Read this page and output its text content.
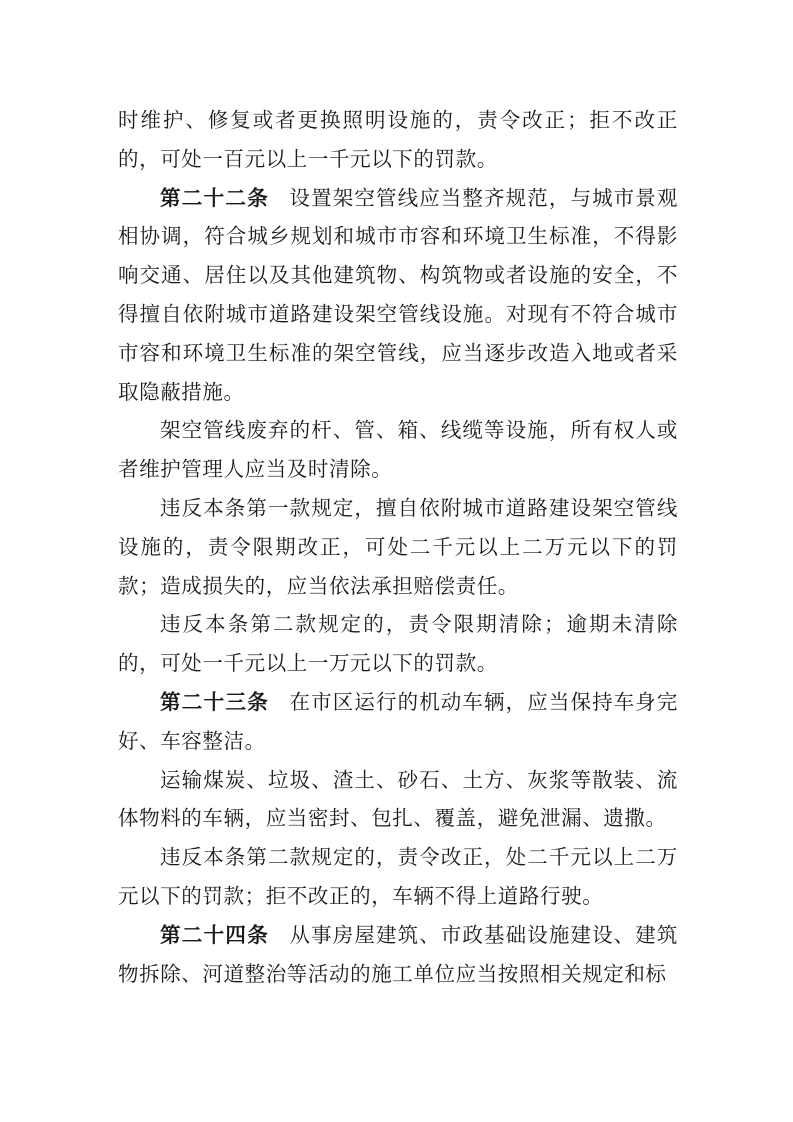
时维护、修复或者更换照明设施的，责令改正；拒不改正的，可处一百元以上一千元以下的罚款。

第二十二条 设置架空管线应当整齐规范，与城市景观相协调，符合城乡规划和城市市容和环境卫生标准，不得影响交通、居住以及其他建筑物、构筑物或者设施的安全，不得擅自依附城市道路建设架空管线设施。对现有不符合城市市容和环境卫生标准的架空管线，应当逐步改造入地或者采取隐蔽措施。

架空管线废弃的杆、管、箱、线缆等设施，所有权人或者维护管理人应当及时清除。

违反本条第一款规定，擅自依附城市道路建设架空管线设施的，责令限期改正，可处二千元以上二万元以下的罚款；造成损失的，应当依法承担赔偿责任。

违反本条第二款规定的，责令限期清除；逾期未清除的，可处一千元以上一万元以下的罚款。

第二十三条 在市区运行的机动车辆，应当保持车身完好、车容整洁。

运输煤炭、垃圾、渣土、砂石、土方、灰浆等散装、流体物料的车辆，应当密封、包扎、覆盖，避免泄漏、遗撒。

违反本条第二款规定的，责令改正，处二千元以上二万元以下的罚款；拒不改正的，车辆不得上道路行驶。

第二十四条 从事房屋建筑、市政基础设施建设、建筑物拆除、河道整治等活动的施工单位应当按照相关规定和标
